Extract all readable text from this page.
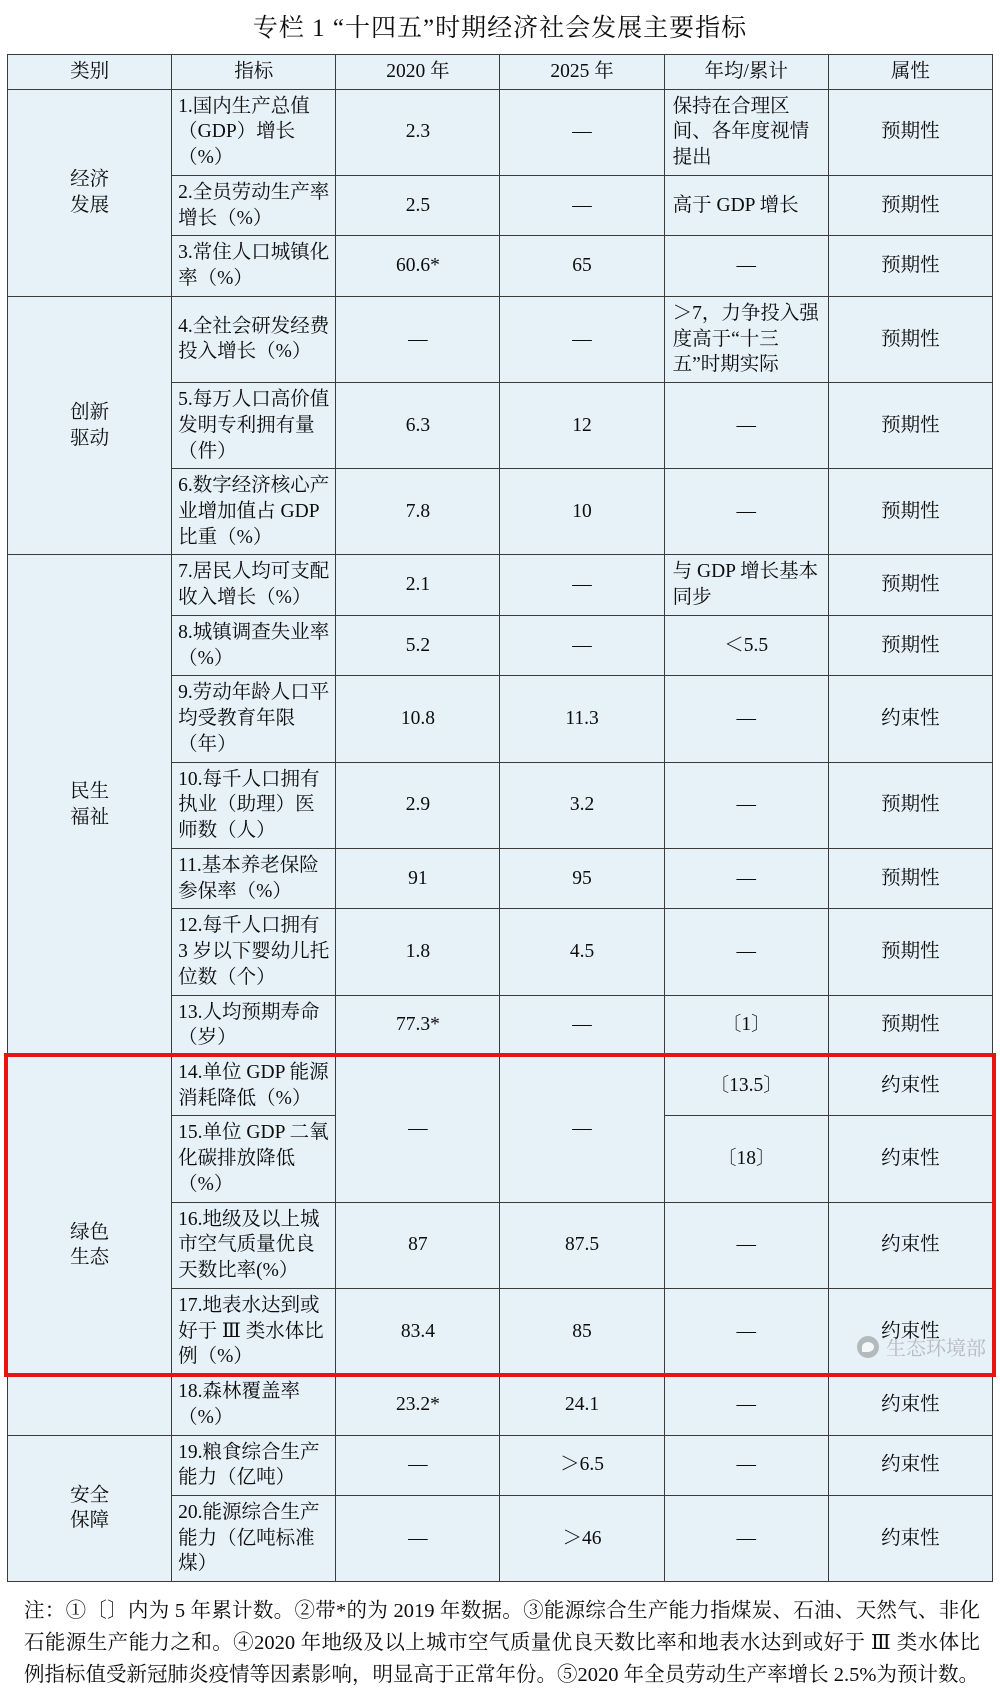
专栏 1 “十四五”时期经济社会发展主要指标
类别	指标	2020 年	2025 年	年均/累计	属性

经济
发展	1.国内生产总值（GDP）增长（%）	2.3	—	保持在合理区间、各年度视情提出	预期性
	2.全员劳动生产率增长（%）	2.5	—	高于 GDP 增长	预期性
	3.常住人口城镇化率（%）	60.6*	65	—	预期性

创新
驱动	4.全社会研发经费投入增长（%）	—	—	＞7，力争投入强度高于“十三五”时期实际	预期性
	5.每万人口高价值发明专利拥有量（件）	6.3	12	—	预期性
	6.数字经济核心产业增加值占 GDP 比重（%）	7.8	10	—	预期性

民生
福祉	7.居民人均可支配收入增长（%）	2.1	—	与 GDP 增长基本同步	预期性
	8.城镇调查失业率（%）	5.2	—	＜5.5	预期性
	9.劳动年龄人口平均受教育年限（年）	10.8	11.3	—	约束性
	10.每千人口拥有执业（助理）医师数（人）	2.9	3.2	—	预期性
	11.基本养老保险参保率（%）	91	95	—	预期性
	12.每千人口拥有 3 岁以下婴幼儿托位数（个）	1.8	4.5	—	预期性
	13.人均预期寿命（岁）	77.3*	—	〔1〕	预期性

绿色
生态	14.单位 GDP 能源消耗降低（%）	—	—	〔13.5〕	约束性
	15.单位 GDP 二氧化碳排放降低（%）			〔18〕	约束性
	16.地级及以上城市空气质量优良天数比率(%）	87	87.5	—	约束性
	17.地表水达到或好于 Ⅲ 类水体比例（%）	83.4	85	—	约束性
	18.森林覆盖率（%）	23.2*	24.1	—	约束性

安全
保障	19.粮食综合生产能力（亿吨）	—	＞6.5	—	约束性
	20.能源综合生产能力（亿吨标准煤）	—	＞46	—	约束性

注：①〔〕内为 5 年累计数。②带*的为 2019 年数据。③能源综合生产能力指煤炭、石油、天然气、非化石能源生产能力之和。④2020 年地级及以上城市空气质量优良天数比率和地表水达到或好于 Ⅲ 类水体比例指标值受新冠肺炎疫情等因素影响，明显高于正常年份。⑤2020 年全员劳动生产率增长 2.5%为预计数。

生态环境部
